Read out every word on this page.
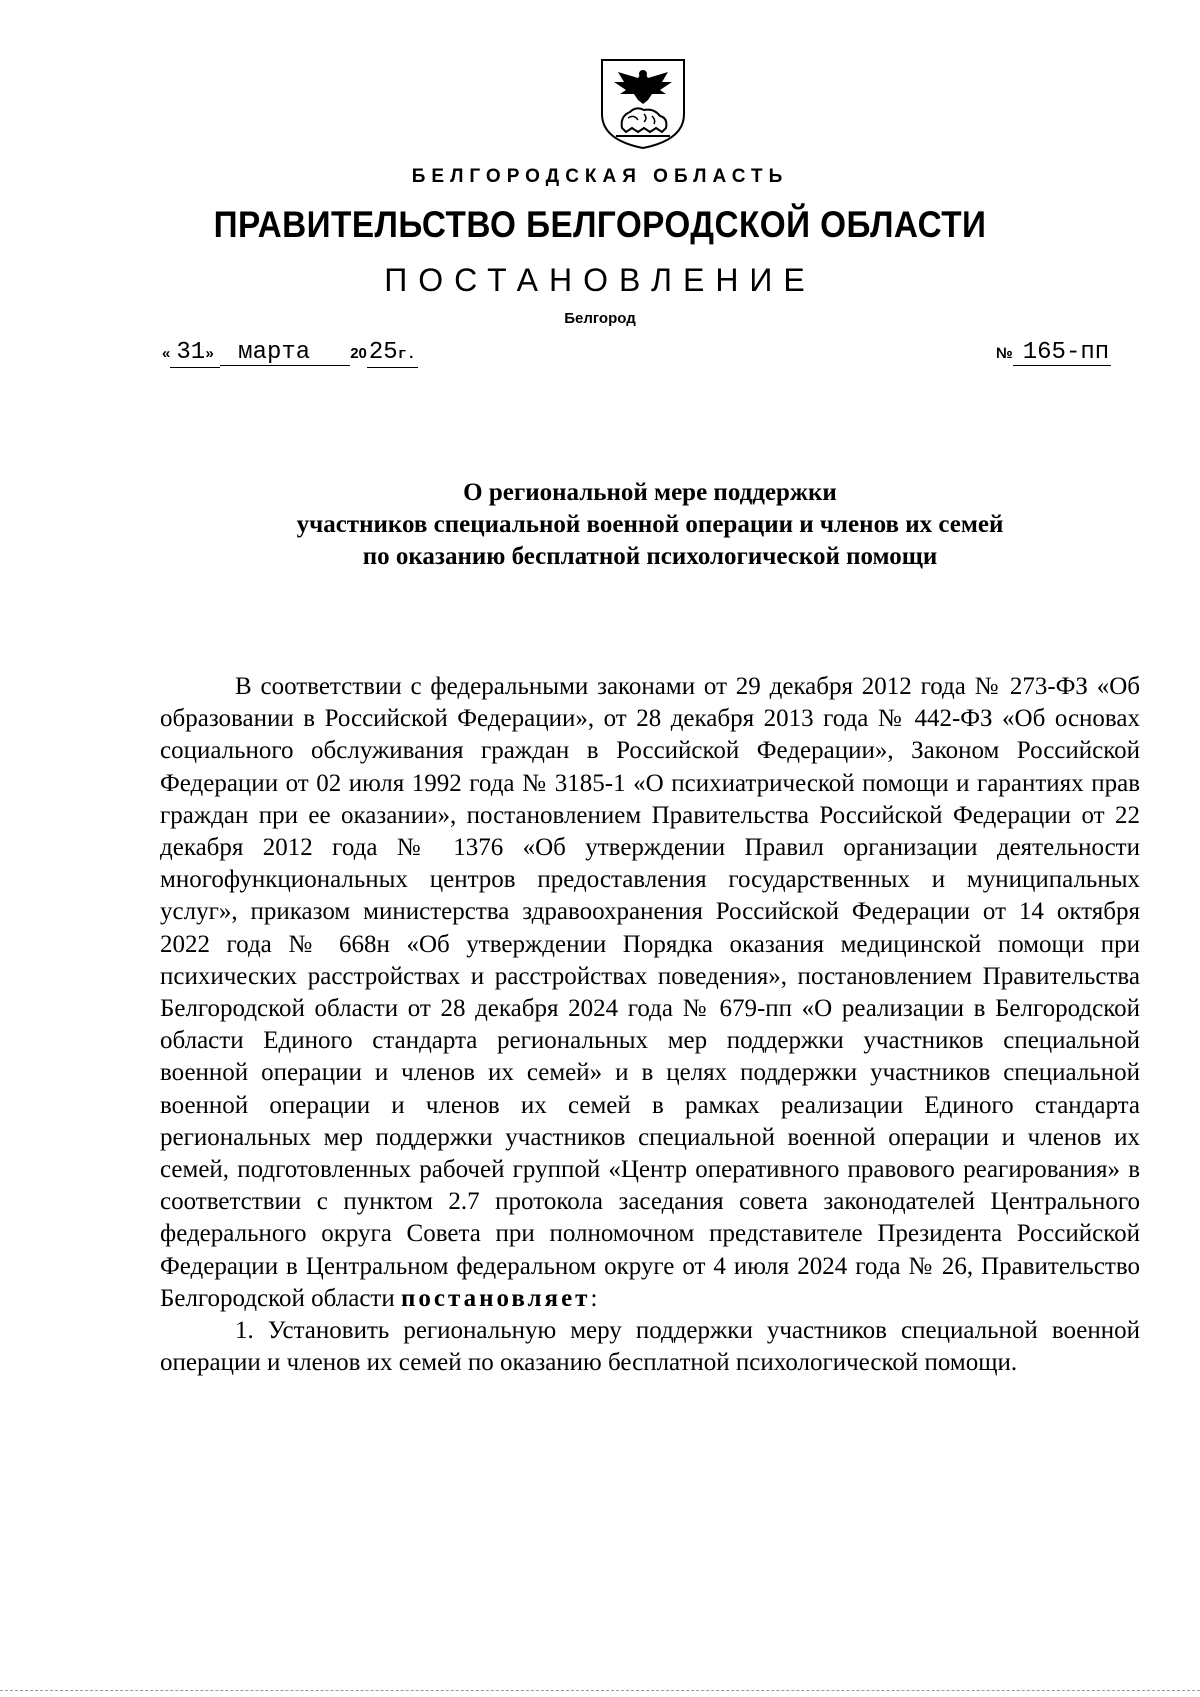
БЕЛГОРОДСКАЯ ОБЛАСТЬ
ПРАВИТЕЛЬСТВО БЕЛГОРОДСКОЙ ОБЛАСТИ
ПОСТАНОВЛЕНИЕ
Белгород
« 31» марта	2025г.	№ 165-пп
О региональной мере поддержки
участников специальной военной операции и членов их семей
по оказанию бесплатной психологической помощи

В соответствии с федеральными законами от 29 декабря 2012 года № 273-ФЗ «Об образовании в Российской Федерации», от 28 декабря 2013 года № 442-ФЗ «Об основах социального обслуживания граждан в Российской Федерации», Законом Российской Федерации от 02 июля 1992 года № 3185-1 «О психиатрической помощи и гарантиях прав граждан при ее оказании», постановлением Правительства Российской Федерации от 22 декабря 2012 года № 1376 «Об утверждении Правил организации деятельности многофункциональных центров предоставления государственных и муниципальных услуг», приказом министерства здравоохранения Российской Федерации от 14 октября 2022 года № 668н «Об утверждении Порядка оказания медицинской помощи при психических расстройствах и расстройствах поведения», постановлением Правительства Белгородской области от 28 декабря 2024 года № 679-пп «О реализации в Белгородской области Единого стандарта региональных мер поддержки участников специальной военной операции и членов их семей» и в целях поддержки участников специальной военной операции и членов их семей в рамках реализации Единого стандарта региональных мер поддержки участников специальной военной операции и членов их семей, подготовленных рабочей группой «Центр оперативного правового реагирования» в соответствии с пунктом 2.7 протокола заседания совета законодателей Центрального федерального округа Совета при полномочном представителе Президента Российской Федерации в Центральном федеральном округе от 4 июля 2024 года № 26, Правительство Белгородской области постановляет:

1. Установить региональную меру поддержки участников специальной военной операции и членов их семей по оказанию бесплатной психологической помощи.
